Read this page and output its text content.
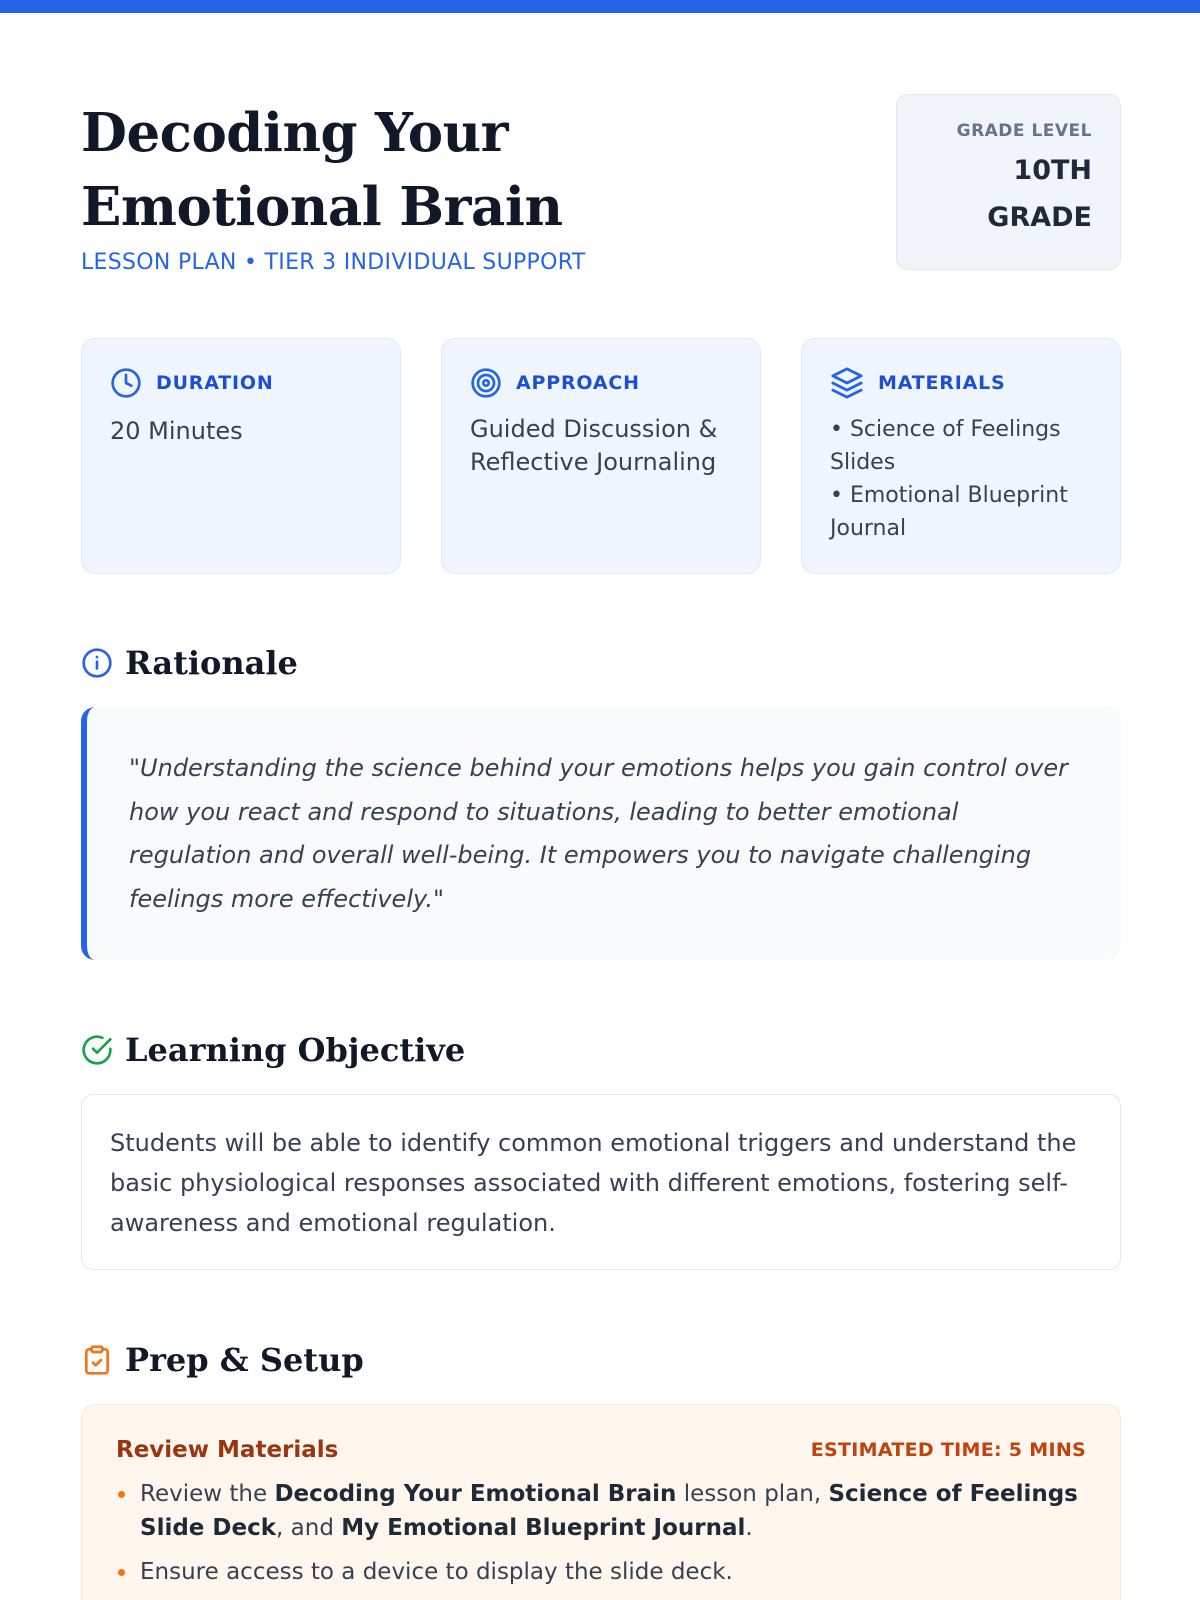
Decoding Your Emotional Brain
LESSON PLAN • TIER 3 INDIVIDUAL SUPPORT
GRADE LEVEL
10TH
GRADE
DURATION
20 Minutes
APPROACH
Guided Discussion & Reflective Journaling
MATERIALS
• Science of Feelings Slides
• Emotional Blueprint Journal
Rationale

"Understanding the science behind your emotions helps you gain control over how you react and respond to situations, leading to better emotional regulation and overall well-being. It empowers you to navigate challenging feelings more effectively."

Learning Objective

Students will be able to identify common emotional triggers and understand the basic physiological responses associated with different emotions, fostering self-awareness and emotional regulation.

Prep & Setup
Review Materials	ESTIMATED TIME: 5 MINS
Review the Decoding Your Emotional Brain lesson plan, Science of Feelings Slide Deck, and My Emotional Blueprint Journal.
Ensure access to a device to display the slide deck.
